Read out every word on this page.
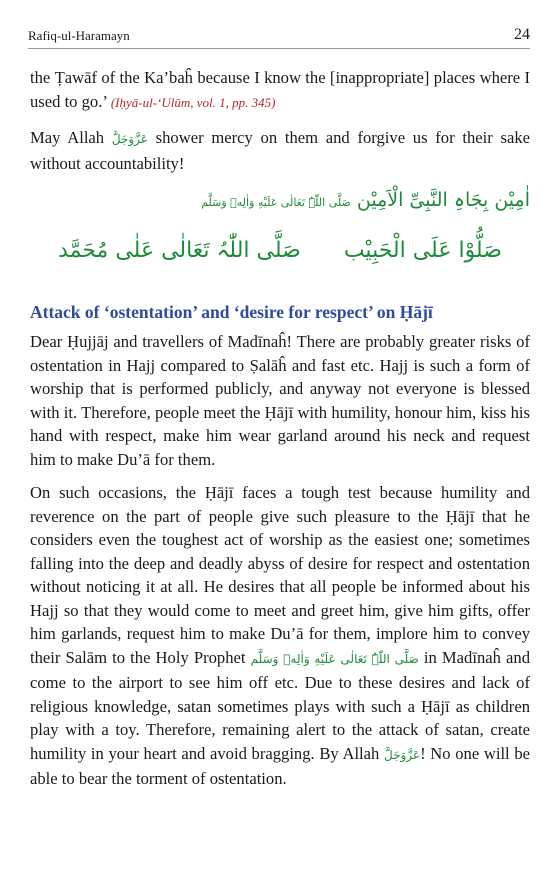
Rafiq-ul-Haramayn	24

the Ṭawāf of the Ka’baĥ because I know the [inappropriate] places where I used to go.’ (Iḥyā-ul-‘Ulūm, vol. 1, pp. 345)

May Allah عَزَّوَجَلَّ shower mercy on them and forgive us for their sake without accountability!

اٰمِيْن بِجَاہِ النَّبِیِّ الْاَمِيْن صَلَّی اللّٰہُ تَعَالٰی عَلَيْهِ وَاٰلِهٖ وَسَلَّم
صَلُّوْا عَلَی الْحَبِيْب صَلَّی اللّٰہُ تَعَالٰی عَلٰی مُحَمَّد
Attack of ‘ostentation’ and ‘desire for respect’ on Ḥājī

Dear Ḥujjāj and travellers of Madīnaĥ! There are probably greater risks of ostentation in Hajj compared to Ṣalāĥ and fast etc. Hajj is such a form of worship that is performed publicly, and anyway not everyone is blessed with it. Therefore, people meet the Ḥājī with humility, honour him, kiss his hand with respect, make him wear garland around his neck and request him to make Du’ā for them.

On such occasions, the Ḥājī faces a tough test because humility and reverence on the part of people give such pleasure to the Ḥājī that he considers even the toughest act of worship as the easiest one; sometimes falling into the deep and deadly abyss of desire for respect and ostentation without noticing it at all. He desires that all people be informed about his Hajj so that they would come to meet and greet him, give him gifts, offer him garlands, request him to make Du’ā for them, implore him to convey their Salām to the Holy Prophet صَلَّی اللّٰہُ تَعَالٰی عَلَيْهِ وَاٰلِهٖ وَسَلَّم in Madīnaĥ and come to the airport to see him off etc. Due to these desires and lack of religious knowledge, satan sometimes plays with such a Ḥājī as children play with a toy. Therefore, remaining alert to the attack of satan, create humility in your heart and avoid bragging. By Allah عَزَّوَجَلَّ! No one will be able to bear the torment of ostentation.
